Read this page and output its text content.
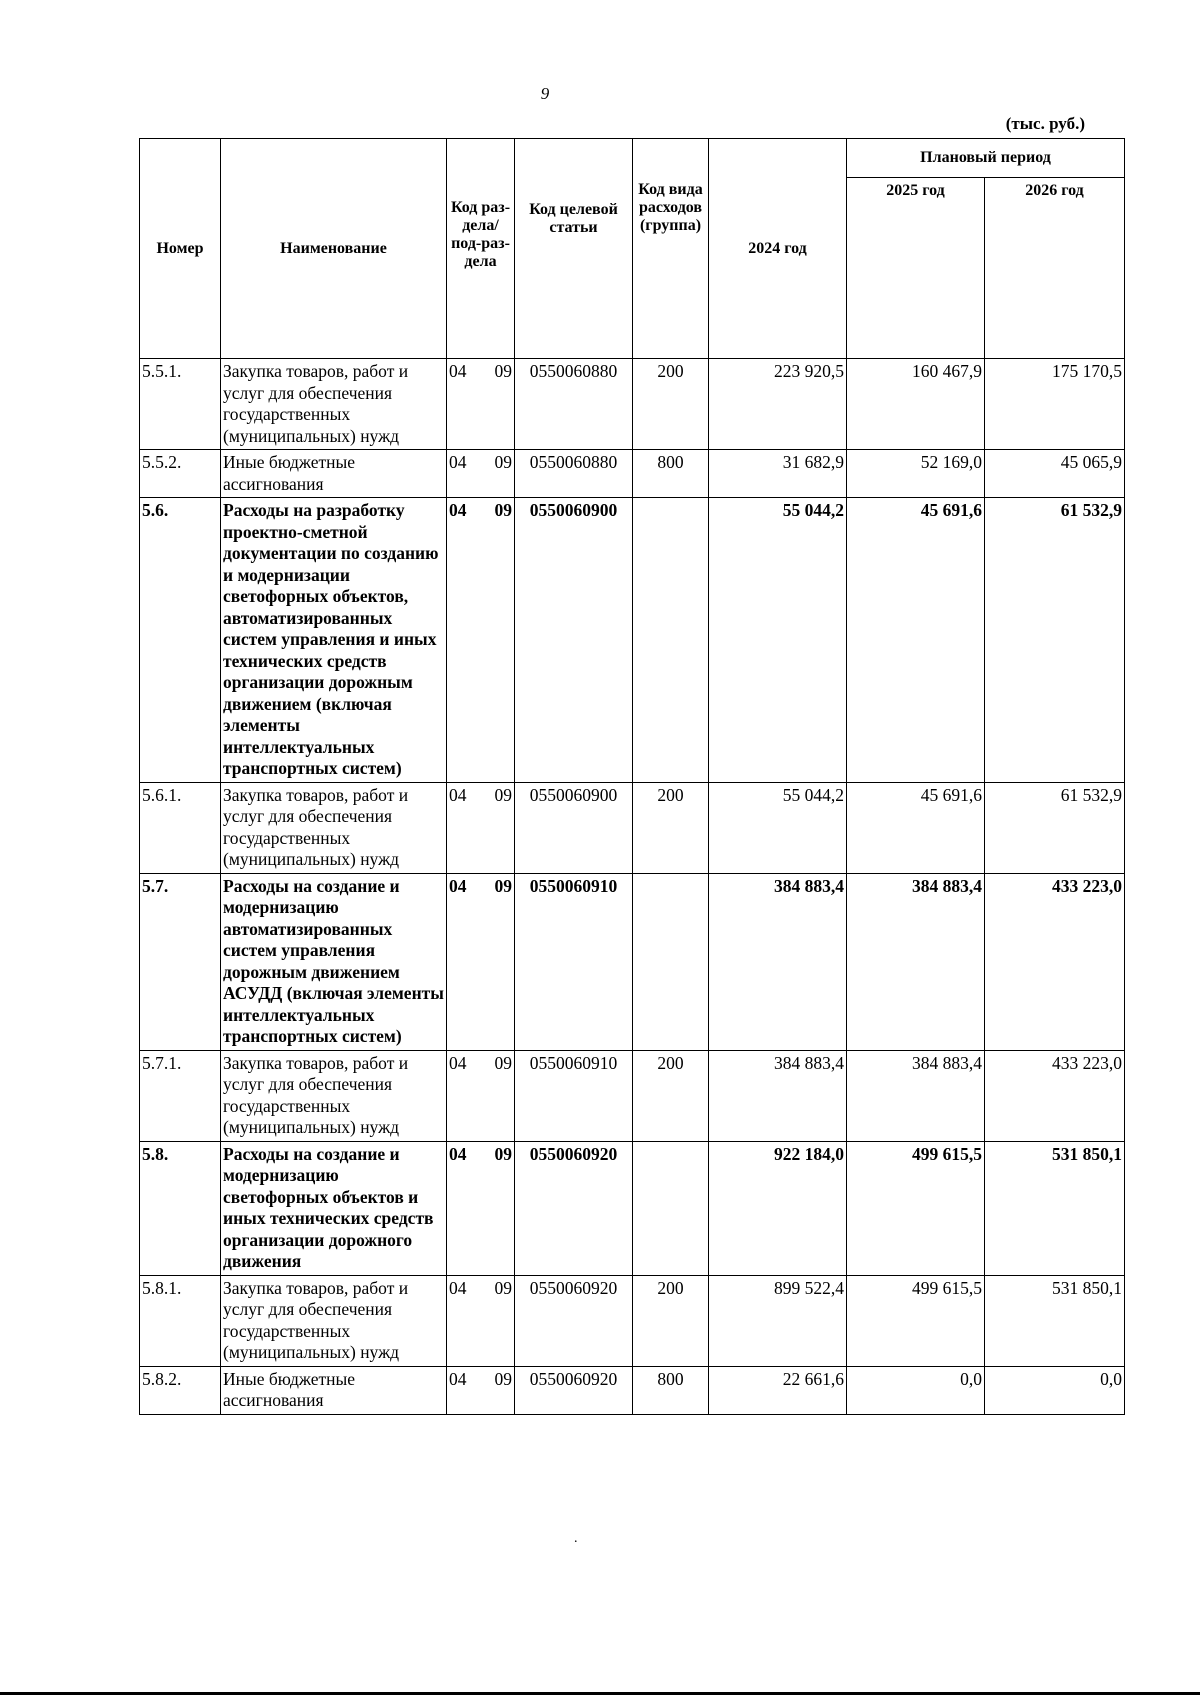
9
(тыс. руб.)
Номер	Наименование	Код раз-дела/ под-раз-дела	Код целевой статьи	Код вида расходов (группа)	2024 год	Плановый период	
						2025 год	2026 год
5.5.1.	Закупка товаров, работ и услуг для обеспечения государственных (муниципальных) нужд	04 09	0550060880	200	223 920,5	160 467,9	175 170,5
5.5.2.	Иные бюджетные ассигнования	04 09	0550060880	800	31 682,9	52 169,0	45 065,9
5.6.	Расходы на разработку проектно-сметной документации по созданию и модернизации светофорных объектов, автоматизированных систем управления и иных технических средств организации дорожным движением (включая элементы интеллектуальных транспортных систем)	04 09	0550060900		55 044,2	45 691,6	61 532,9
5.6.1.	Закупка товаров, работ и услуг для обеспечения государственных (муниципальных) нужд	04 09	0550060900	200	55 044,2	45 691,6	61 532,9
5.7.	Расходы на создание и модернизацию автоматизированных систем управления дорожным движением АСУДД (включая элементы интеллектуальных транспортных систем)	04 09	0550060910		384 883,4	384 883,4	433 223,0
5.7.1.	Закупка товаров, работ и услуг для обеспечения государственных (муниципальных) нужд	04 09	0550060910	200	384 883,4	384 883,4	433 223,0
5.8.	Расходы на создание и модернизацию светофорных объектов и иных технических средств организации дорожного движения	04 09	0550060920		922 184,0	499 615,5	531 850,1
5.8.1.	Закупка товаров, работ и услуг для обеспечения государственных (муниципальных) нужд	04 09	0550060920	200	899 522,4	499 615,5	531 850,1
5.8.2.	Иные бюджетные ассигнования	04 09	0550060920	800	22 661,6	0,0	0,0
.
